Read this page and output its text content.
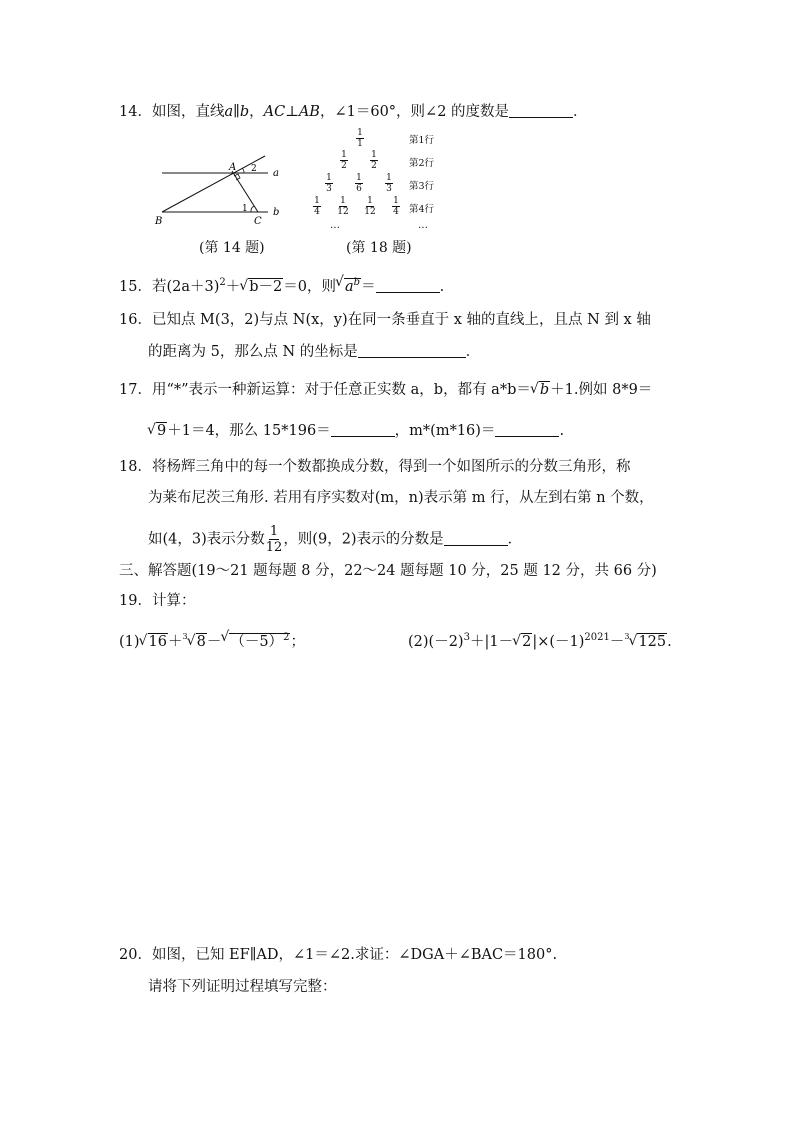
14．如图，直线a∥b，AC⊥AB，∠1＝60°，则∠2 的度数是	．
A
B	C
a
b
1
2
(第 14 题)
$\frac{1}{1}$
$\frac{1}{2} \frac{1}{2}$
$\frac{1}{3} \frac{1}{6} \frac{1}{3}$
$\frac{1}{4} \frac{1}{12} \frac{1}{12} \frac{1}{4}$
…	…
第1行
第2行
第3行
第4行
(第 18 题)
15．若$(2a+3)^2+√$ b－2＝0，则√ $a^b=$	.
16．已知点 M(3，2)与点 N(x，y)在同一条垂直于 x 轴的直线上，且点 N 到 x 轴
的距离为 5，那么点 N 的坐标是	．
17．用“*”表示一种新运算：对于任意正实数 a，b，都有 a*b＝√ b＋1.例如 8*9＝
√ 9＋1＝4，那么 15*196＝	，m*(m*16)＝	.
18．将杨辉三角中的每一个数都换成分数，得到一个如图所示的分数三角形，称
为莱布尼茨三角形. 若用有序实数对(m，n)表示第 m 行，从左到右第 n 个数，
如(4，3)表示分数 $\frac{1}{12}$ ，则(9，2)表示的分数是	．
三、解答题(19～21 题每题 8 分，22～24 题每题 10 分，25 题 12 分，共 66 分)
19．计算：
(1)√ 16＋$^3$√ 8－√ $(-5)^2$；	$(2)(-2)^3+|1-√$ $2|\times(-1)^{2021}-^3√$ 125.
20．如图，已知 EF∥AD，∠1＝∠2.求证：∠DGA＋∠BAC＝180°.
请将下列证明过程填写完整：
